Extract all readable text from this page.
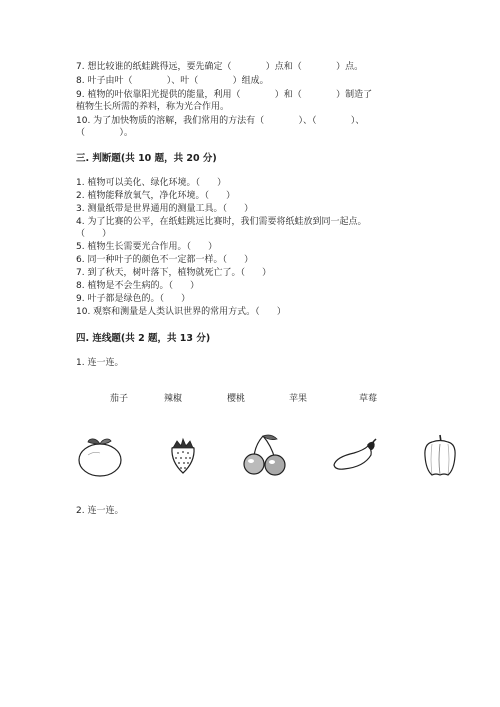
7. 想比较谁的纸蛙跳得远，要先确定（            ）点和（            ）点。
8. 叶子由叶（            ）、叶（            ）组成。
9. 植物的叶依靠阳光提供的能量，利用（            ）和（            ）制造了
植物生长所需的养料，称为光合作用。
10. 为了加快物质的溶解，我们常用的方法有（            ）、（            ）、
（            ）。
三. 判断题(共 10 题，共 20 分)
1. 植物可以美化、绿化环境。（      ）
2. 植物能释放氧气，净化环境。（      ）
3. 测量纸带是世界通用的测量工具。（      ）
4. 为了比赛的公平，在纸蛙跳远比赛时，我们需要将纸蛙放到同一起点。
（      ）
5. 植物生长需要光合作用。（      ）
6. 同一种叶子的颜色不一定都一样。（      ）
7. 到了秋天，树叶落下，植物就死亡了。（      ）
8. 植物是不会生病的。（      ）
9. 叶子都是绿色的。（      ）
10. 观察和测量是人类认识世界的常用方式。（      ）
四. 连线题(共 2 题，共 13 分)
1. 连一连。
茄子	辣椒	樱桃	苹果	草莓
2. 连一连。
